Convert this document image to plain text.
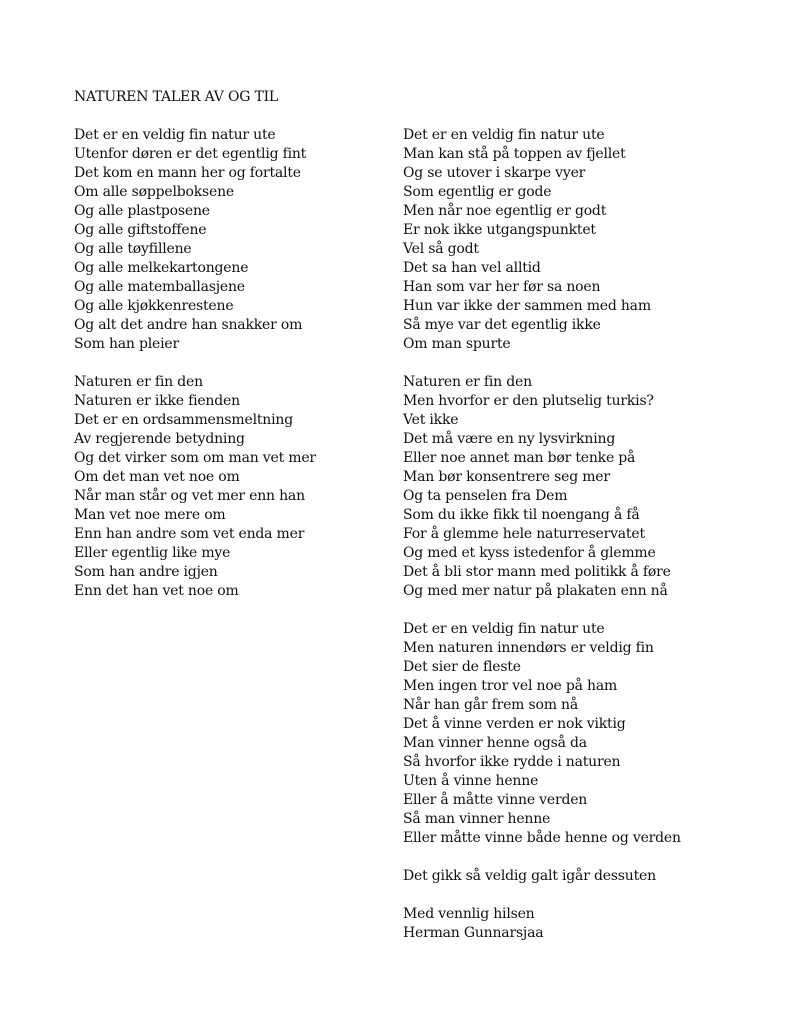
NATUREN TALER AV OG TIL
Det er en veldig fin natur ute
Utenfor døren er det egentlig fint
Det kom en mann her og fortalte
Om alle søppelboksene
Og alle plastposene
Og alle giftstoffene
Og alle tøyfillene
Og alle melkekartongene
Og alle matemballasjene
Og alle kjøkkenrestene
Og alt det andre han snakker om
Som han pleier
Naturen er fin den
Naturen er ikke fienden
Det er en ordsammensmeltning
Av regjerende betydning
Og det virker som om man vet mer
Om det man vet noe om
Når man står og vet mer enn han
Man vet noe mere om
Enn han andre som vet enda mer
Eller egentlig like mye
Som han andre igjen
Enn det han vet noe om
Det er en veldig fin natur ute
Man kan stå på toppen av fjellet
Og se utover i skarpe vyer
Som egentlig er gode
Men når noe egentlig er godt
Er nok ikke utgangspunktet
Vel så godt
Det sa han vel alltid
Han som var her før sa noen
Hun var ikke der sammen med ham
Så mye var det egentlig ikke
Om man spurte
Naturen er fin den
Men hvorfor er den plutselig turkis?
Vet ikke
Det må være en ny lysvirkning
Eller noe annet man bør tenke på
Man bør konsentrere seg mer
Og ta penselen fra Dem
Som du ikke fikk til noengang å få
For å glemme hele naturreservatet
Og med et kyss istedenfor å glemme
Det å bli stor mann med politikk å føre
Og med mer natur på plakaten enn nå
Det er en veldig fin natur ute
Men naturen innendørs er veldig fin
Det sier de fleste
Men ingen tror vel noe på ham
Når han går frem som nå
Det å vinne verden er nok viktig
Man vinner henne også da
Så hvorfor ikke rydde i naturen
Uten å vinne henne
Eller å måtte vinne verden
Så man vinner henne
Eller måtte vinne både henne og verden
Det gikk så veldig galt igår dessuten
Med vennlig hilsen
Herman Gunnarsjaa
